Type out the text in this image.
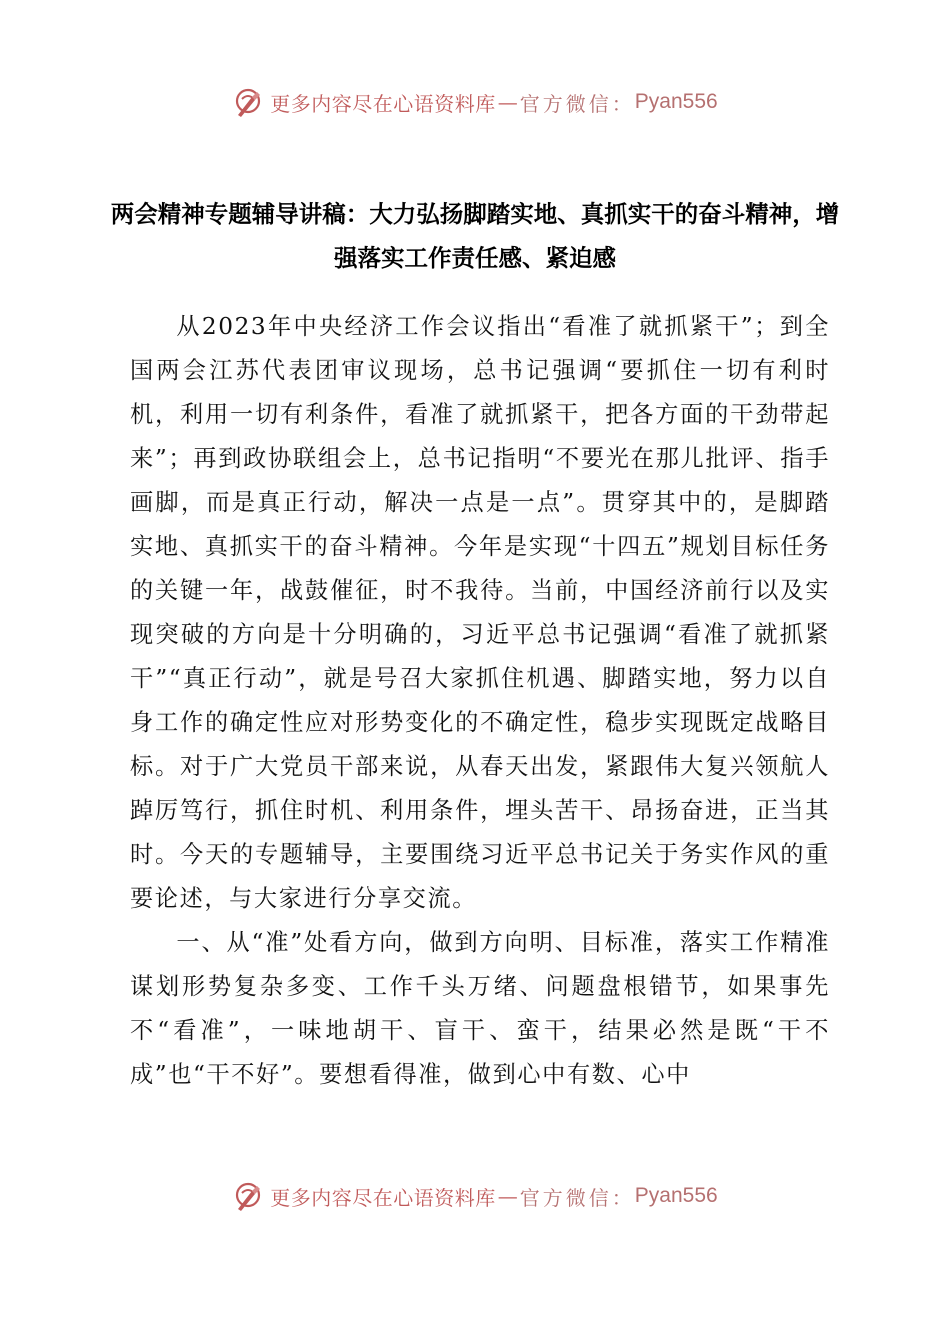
更多内容尽在心语资料库 — 官方微信： Pyan556
两会精神专题辅导讲稿：大力弘扬脚踏实地、真抓实干的奋斗精神，增强落实工作责任感、紧迫感

从2023年中央经济工作会议指出“看准了就抓紧干”；到全国两会江苏代表团审议现场，总书记强调“要抓住一切有利时机，利用一切有利条件，看准了就抓紧干，把各方面的干劲带起来”；再到政协联组会上，总书记指明“不要光在那儿批评、指手画脚，而是真正行动，解决一点是一点”。贯穿其中的，是脚踏实地、真抓实干的奋斗精神。今年是实现“十四五”规划目标任务的关键一年，战鼓催征，时不我待。当前，中国经济前行以及实现突破的方向是十分明确的，习近平总书记强调“看准了就抓紧干”“真正行动”，就是号召大家抓住机遇、脚踏实地，努力以自身工作的确定性应对形势变化的不确定性，稳步实现既定战略目标。对于广大党员干部来说，从春天出发，紧跟伟大复兴领航人踔厉笃行，抓住时机、利用条件，埋头苦干、昂扬奋进，正当其时。今天的专题辅导，主要围绕习近平总书记关于务实作风的重要论述，与大家进行分享交流。

一、从“准”处看方向，做到方向明、目标准，落实工作精准谋划形势复杂多变、工作千头万绪、问题盘根错节，如果事先不“看准”，一味地胡干、盲干、蛮干，结果必然是既“干不成”也“干不好”。要想看得准，做到心中有数、心中

更多内容尽在心语资料库 — 官方微信： Pyan556
